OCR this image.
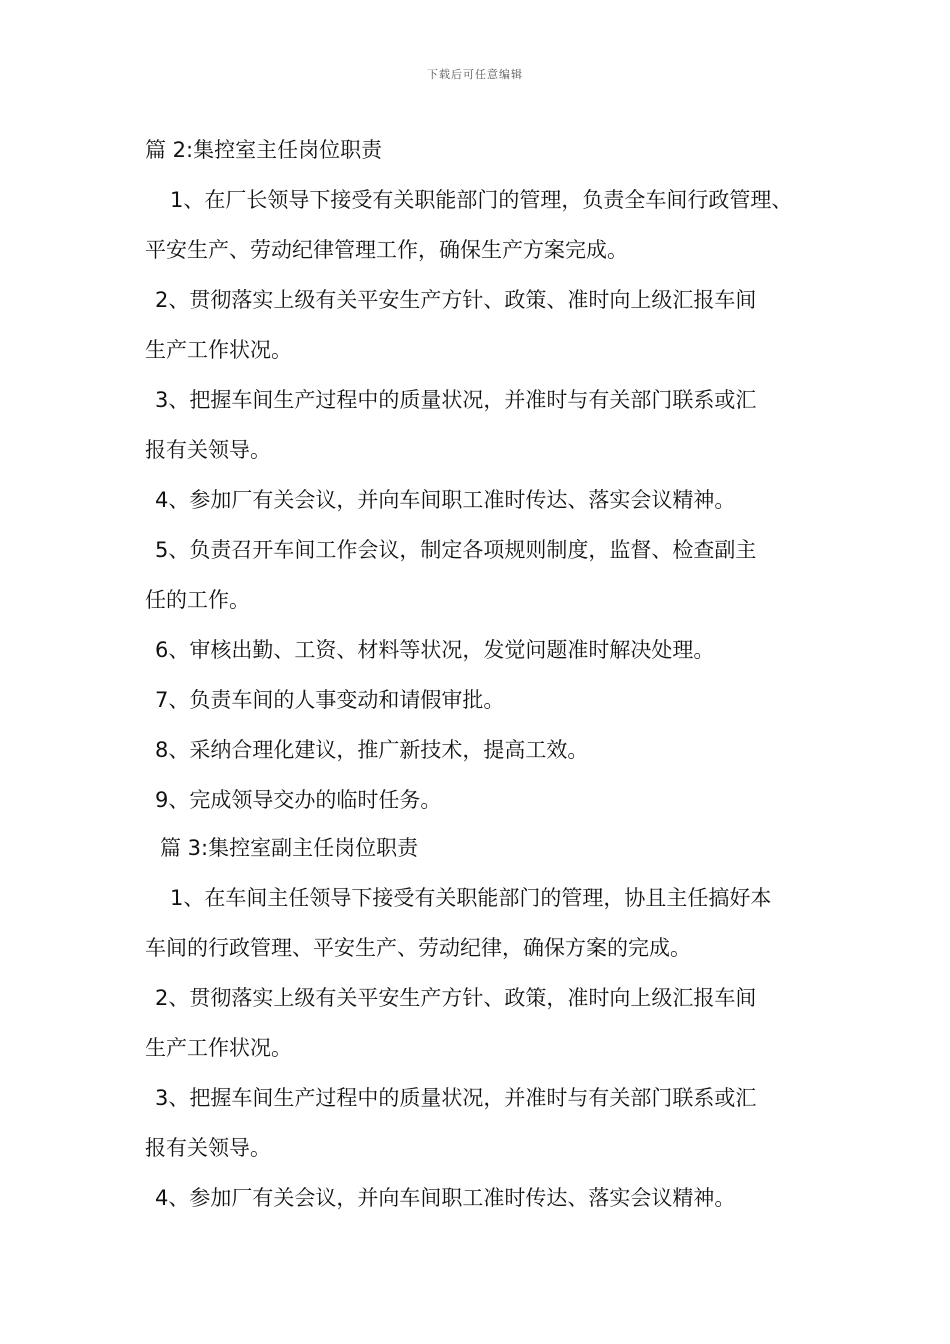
下载后可任意编辑
篇 2:集控室主任岗位职责
1、在厂长领导下接受有关职能部门的管理，负责全车间行政管理、
平安生产、劳动纪律管理工作，确保生产方案完成。
2、贯彻落实上级有关平安生产方针、政策、准时向上级汇报车间
生产工作状况。
3、把握车间生产过程中的质量状况，并准时与有关部门联系或汇
报有关领导。
4、参加厂有关会议，并向车间职工准时传达、落实会议精神。
5、负责召开车间工作会议，制定各项规则制度，监督、检查副主
任的工作。
6、审核出勤、工资、材料等状况，发觉问题准时解决处理。
7、负责车间的人事变动和请假审批。
8、采纳合理化建议，推广新技术，提高工效。
9、完成领导交办的临时任务。
篇 3:集控室副主任岗位职责
1、在车间主任领导下接受有关职能部门的管理，协且主任搞好本
车间的行政管理、平安生产、劳动纪律，确保方案的完成。
2、贯彻落实上级有关平安生产方针、政策，准时向上级汇报车间
生产工作状况。
3、把握车间生产过程中的质量状况，并准时与有关部门联系或汇
报有关领导。
4、参加厂有关会议，并向车间职工准时传达、落实会议精神。
